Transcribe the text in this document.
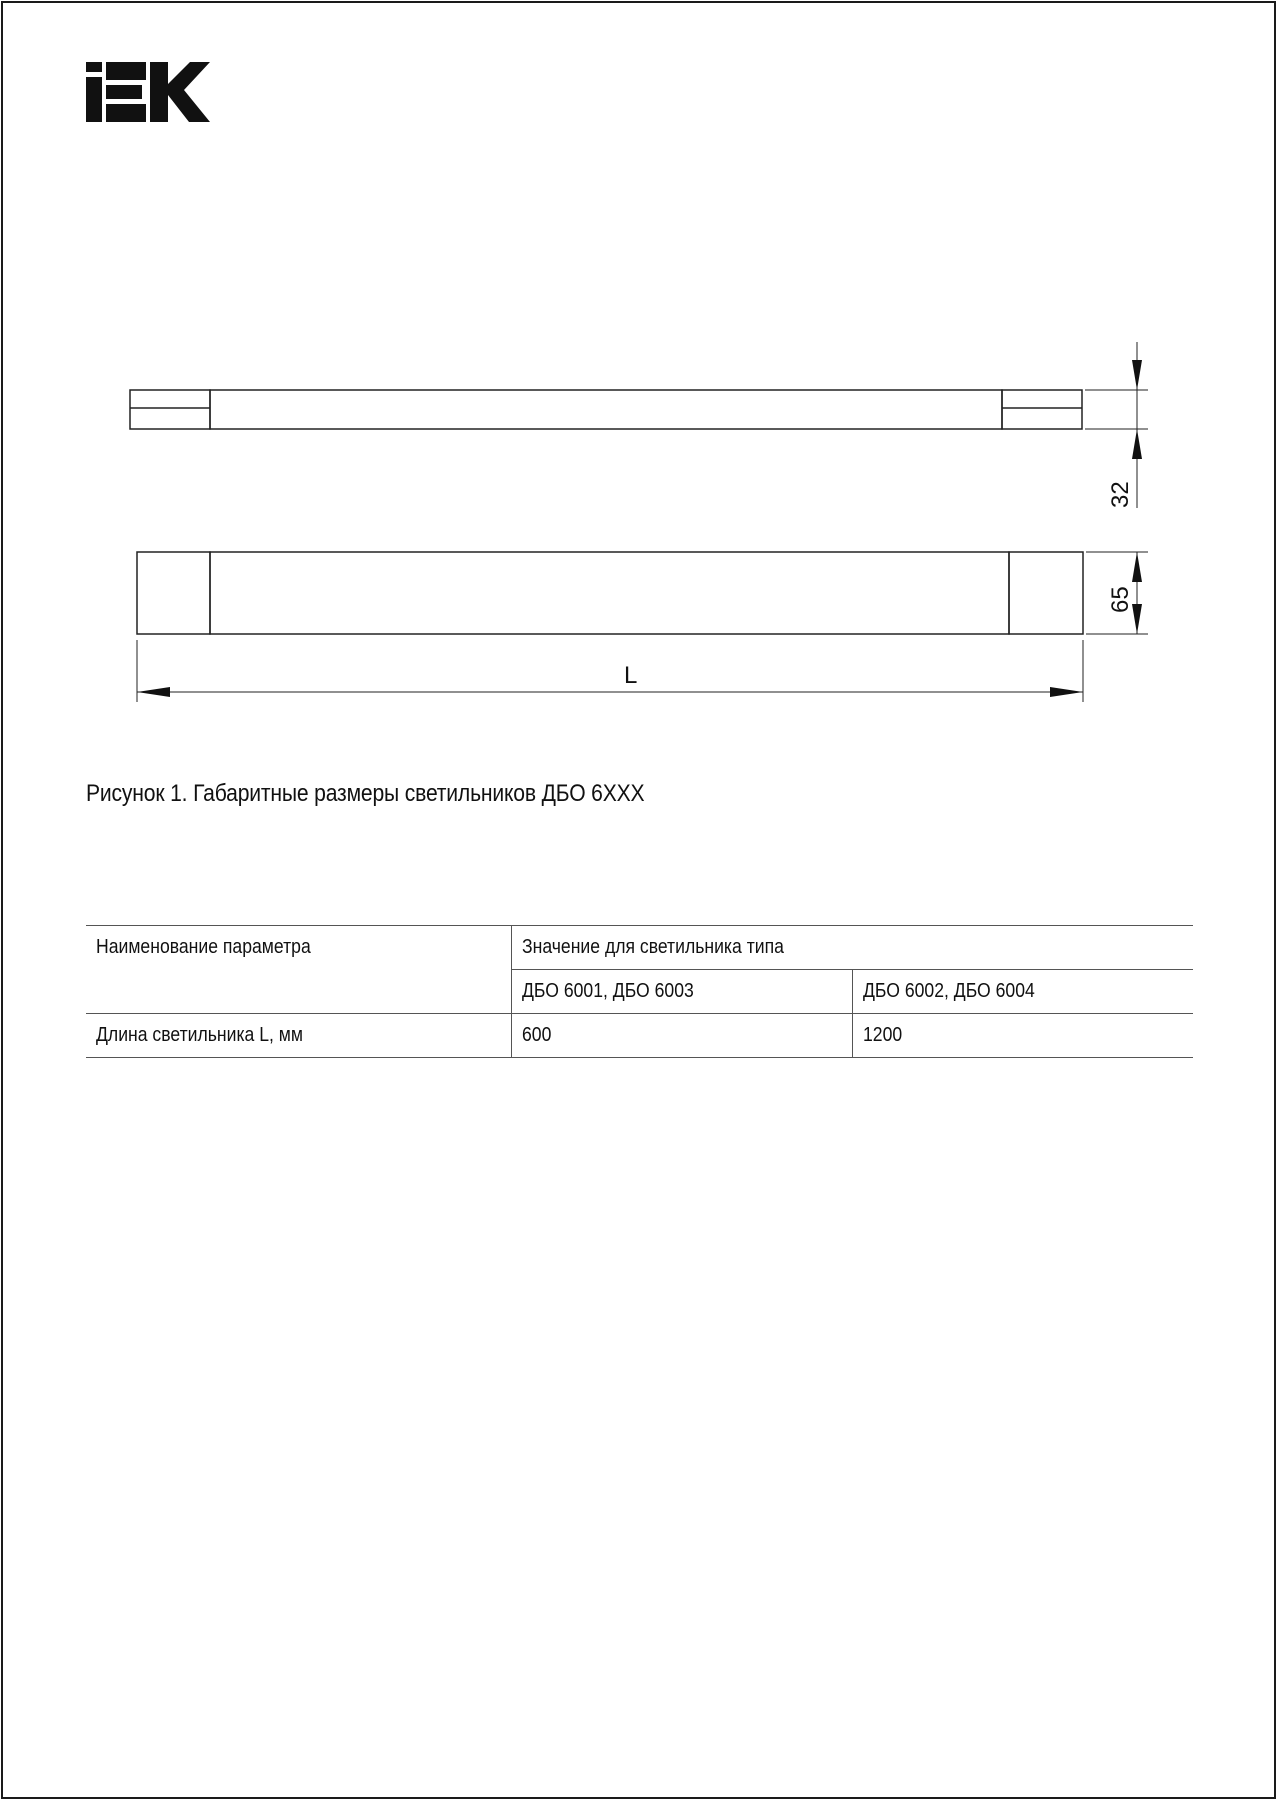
32
65
L
Рисунок 1. Габаритные размеры светильников ДБО 6XXX
Наименование параметра	Значение для светильника типа	
	ДБО 6001, ДБО 6003	ДБО 6002, ДБО 6004
Длина светильника L, мм	600	1200
